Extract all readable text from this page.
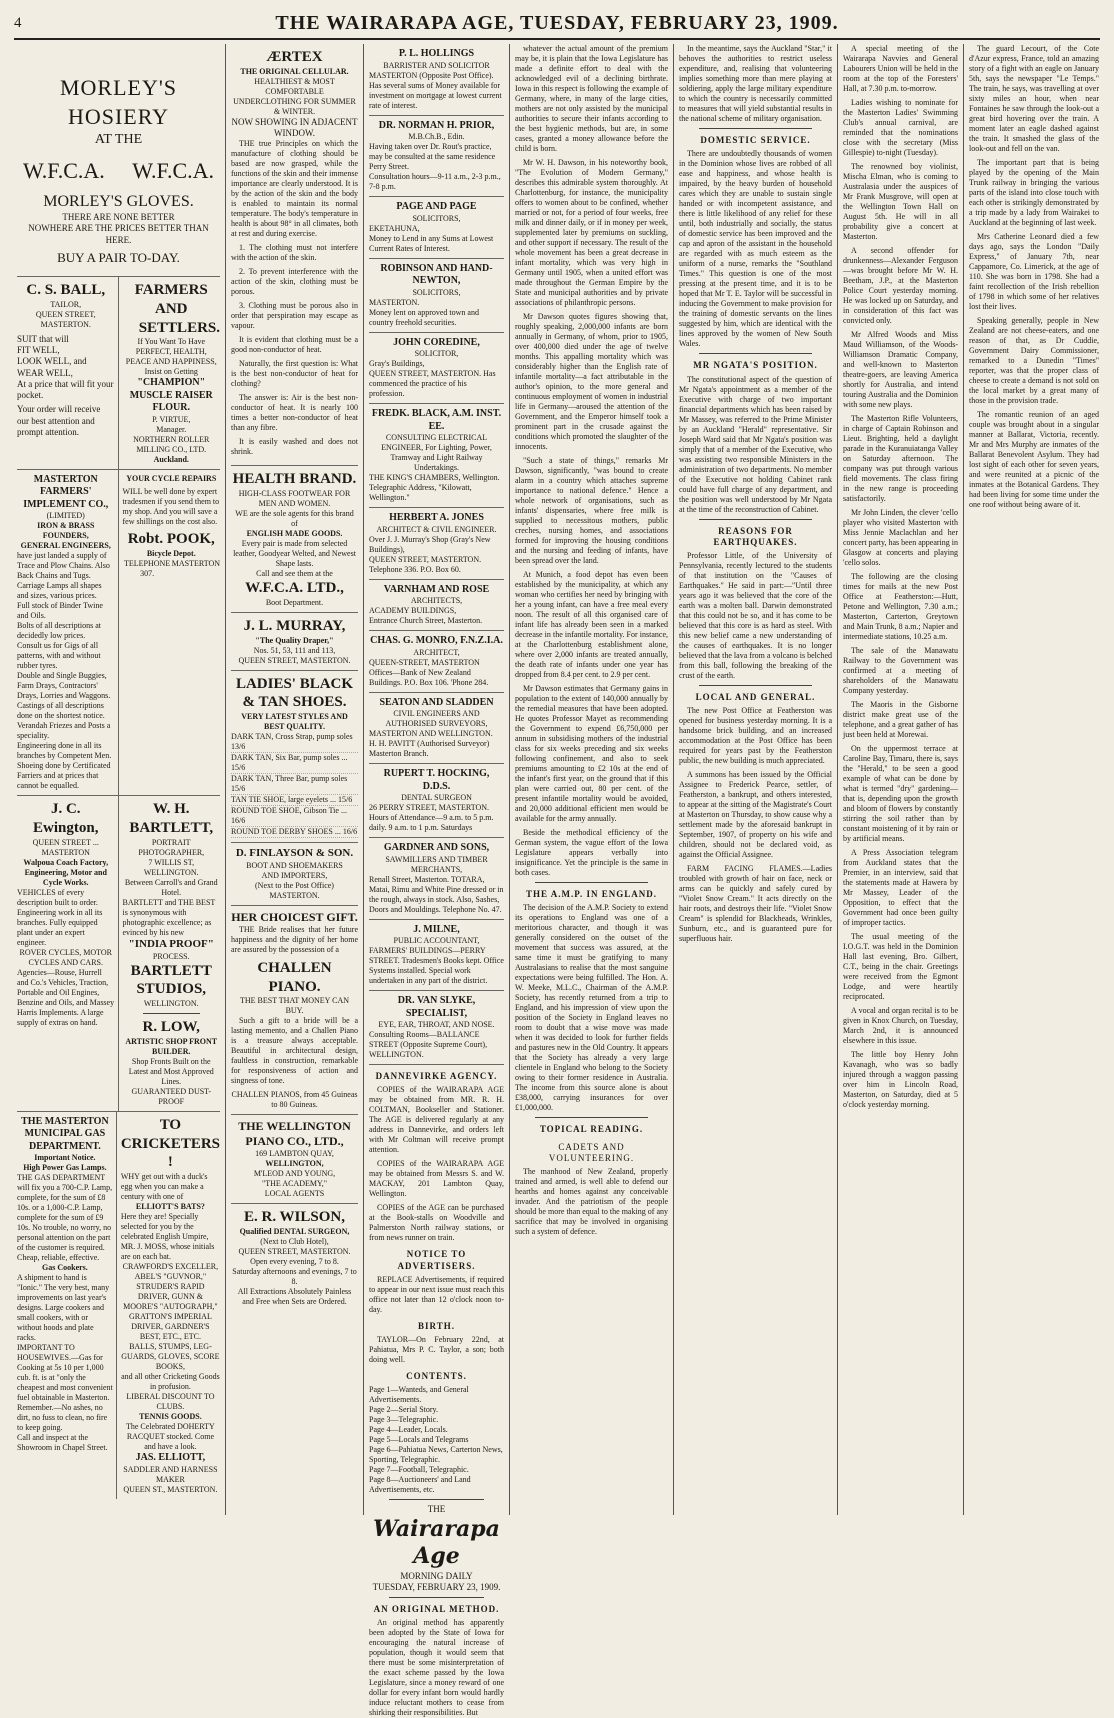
4	THE WAIRARAPA AGE, TUESDAY, FEBRUARY 23, 1909.
MORLEY'S HOSIERY
AT THE
W.F.C.A. W.F.C.A.
MORLEY'S GLOVES.
THERE ARE NONE BETTER
NOWHERE ARE THE PRICES BETTER THAN HERE.
BUY A PAIR TO-DAY.
C. S. BALL,
TAILOR,
QUEEN STREET, MASTERTON.
SUIT that will
FIT WELL,
LOOK WELL, and
WEAR WELL,
At a price that will fit your pocket.
Your order will receive our best attention and prompt attention.
FARMERS AND
SETTLERS.
If You Want To Have
PERFECT, HEALTH, PEACE AND HAPPINESS,
Insist on Getting
"CHAMPION" MUSCLE RAISER FLOUR.
P. VIRTUE,
Manager.
NORTHERN ROLLER MILLING CO., LTD.
Auckland.
MASTERTON FARMERS' IMPLEMENT CO.,
(LIMITED)
IRON & BRASS FOUNDERS,
GENERAL ENGINEERS,
have just landed a supply of
Trace and Plow Chains. Also Back Chains and Tugs.
Carriage Lamps all shapes and sizes, various prices.
Full stock of Binder Twine and Oils.
Bolts of all descriptions at decidedly low prices.
Consult us for Gigs of all patterns, with and without rubber tyres.
Double and Single Buggies, Farm Drays, Contractors' Drays, Lorries and Waggons.
Castings of all descriptions done on the shortest notice.
Verandah Friezes and Posts a speciality.
Engineering done in all its branches by Competent Men.
Shoeing done by Certificated Farriers and at prices that cannot be equalled.
YOUR CYCLE REPAIRS
WILL be well done by expert tradesmen if you send them to my shop. And you will save a few shillings on the cost also.
Robt. POOK,
Bicycle Depot.
TELEPHONE 307.
MASTERTON
J. C. Ewington,
QUEEN STREET ... MASTERTON
Walpoua Coach Factory, Engineering, Motor and Cycle Works.
VEHICLES of every description built to order. Engineering work in all its branches. Fully equipped plant under an expert engineer.
ROVER CYCLES, MOTOR CYCLES AND CARS.
Agencies—Rouse, Hurrell and Co.'s Vehicles, Traction, Portable and Oil Engines, Benzine and Oils, and Massey Harris Implements. A large supply of extras on hand.
W. H. BARTLETT,
PORTRAIT PHOTOGRAPHER,
7 WILLIS ST, WELLINGTON.
Between Carroll's and Grand Hotel.
BARTLETT and THE BEST is synonymous with photographic excellence; as evinced by his new
"INDIA PROOF"
PROCESS.
BARTLETT
STUDIOS,
WELLINGTON.
R. LOW,
ARTISTIC SHOP FRONT BUILDER.
Shop Fronts Built on the Latest and Most Approved Lines.
GUARANTEED DUST-PROOF
THE MASTERTON MUNICIPAL GAS DEPARTMENT.
Important Notice.
High Power Gas Lamps.
THE GAS DEPARTMENT will fix you a 700-C.P. Lamp, complete, for the sum of £8 10s. or a 1,000-C.P. Lamp, complete for the sum of £9 10s. No trouble, no worry, no personal attention on the part of the customer is required. Cheap, reliable, effective.
Gas Cookers.
A shipment to hand is "Ionic." The very best, many improvements on last year's designs. Large cookers and small cookers, with or without hoods and plate racks.
IMPORTANT TO HOUSEWIVES.—Gas for Cooking at 5s 10 per 1,000 cub. ft. is at "only the cheapest and most convenient fuel obtainable in Masterton.
Remember.—No ashes, no dirt, no fuss to clean, no fire to keep going.
Call and inspect at the Showroom in Chapel Street.
TO CRICKETERS !
WHY get out with a duck's egg when you can make a century with one of
ELLIOTT'S BATS?
Here they are! Specially selected for you by the celebrated English Umpire, MR. J. MOSS, whose initials are on each bat.
CRAWFORD'S EXCELLER, ABEL'S "GUVNOR," STRUDER'S RAPID DRIVER, GUNN & MOORE'S "AUTOGRAPH," GRATTON'S IMPERIAL DRIVER, GARDNER'S BEST, ETC., ETC.
BALLS, STUMPS, LEG-GUARDS, GLOVES, SCORE BOOKS,
and all other Cricketing Goods in profusion.
LIBERAL DISCOUNT TO CLUBS.
TENNIS GOODS.
The Celebrated DOHERTY RACQUET stocked. Come and have a look.
JAS. ELLIOTT,
SADDLER AND HARNESS MAKER
QUEEN ST., MASTERTON.
ÆRTEX
THE ORIGINAL CELLULAR.
HEALTHIEST & MOST COMFORTABLE UNDERCLOTHING FOR SUMMER & WINTER.
NOW SHOWING IN ADJACENT WINDOW.
THE true Principles on which the manufacture of clothing should be based are now grasped, while the functions of the skin and their immense importance are clearly understood. It is by the action of the skin and the body is enabled to maintain its normal temperature. The body's temperature in health is about 98° in all climates, both at rest and during exercise.
1. The clothing must not interfere with the action of the skin.
2. To prevent interference with the action of the skin, clothing must be porous.
3. Clothing must be porous also in order that perspiration may escape as vapour.
It is evident that clothing must be a good non-conductor of heat.
Naturally, the first question is: What is the best non-conductor of heat for clothing?
The answer is: Air is the best non-conductor of heat. It is nearly 100 times a better non-conductor of heat than any fibre.
It is easily washed and does not shrink.
HEALTH BRAND.
HIGH-CLASS FOOTWEAR FOR MEN AND WOMEN.
WE are the sole agents for this brand of
ENGLISH MADE GOODS.
Every pair is made from selected leather, Goodyear Welted, and Newest Shape lasts.
Call and see them at the
W.F.C.A. LTD.,
Boot Department.
J. L. MURRAY,
"The Quality Draper,"
Nos. 51, 53, 111 and 113,
QUEEN STREET, MASTERTON.
LADIES' BLACK & TAN SHOES.
VERY LATEST STYLES AND BEST QUALITY.
DARK TAN, Cross Strap, pump soles 13/6
DARK TAN, Six Bar, pump soles ... 15/6
DARK TAN, Three Bar, pump soles 15/6
TAN TIE SHOE, large eyelets ... 15/6
ROUND TOE SHOE, Gibson Tie ... 16/6
ROUND TOE DERBY SHOES ... 16/6
D. FINLAYSON & SON.
BOOT AND SHOEMAKERS
AND IMPORTERS,
(Next to the Post Office)
MASTERTON.
HER CHOICEST GIFT.
THE Bride realises that her future happiness and the dignity of her home are assured by the possession of a
CHALLEN PIANO.
THE BEST THAT MONEY CAN BUY.
Such a gift to a bride will be a lasting memento, and a Challen Piano is a treasure always acceptable. Beautiful in architectural design, faultless in construction, remarkable for responsiveness of action and singness of tone.
CHALLEN PIANOS, from 45 Guineas to 80 Guineas.
THE WELLINGTON PIANO CO., LTD.,
169 LAMBTON QUAY,
WELLINGTON,
M'LEOD AND YOUNG,
"THE ACADEMY,"
LOCAL AGENTS
E. R. WILSON,
Qualified DENTAL SURGEON,
(Next to Club Hotel),
QUEEN STREET, MASTERTON.
Open every evening, 7 to 8.
Saturday afternoons and evenings, 7 to 8.
All Extractions Absolutely Painless and Free when Sets are Ordered.
P. L. HOLLINGS
BARRISTER AND SOLICITOR
MASTERTON (Opposite Post Office). Has several sums of Money available for investment on mortgage at lowest current rate of interest.
DR. NORMAN H. PRIOR,
M.B.Ch.B., Edin.
Having taken over Dr. Rout's practice, may be consulted at the same residence Perry Street.
Consultation hours—9-11 a.m., 2-3 p.m., 7-8 p.m.
PAGE AND PAGE
SOLICITORS,
EKETAHUNA,
Money to Lend in any Sums at Lowest Current Rates of Interest.
ROBINSON AND HAND-NEWTON,
SOLICITORS,
MASTERTON.
Money lent on approved town and country freehold securities.
JOHN COREDINE,
SOLICITOR,
Gray's Buildings,
QUEEN STREET, MASTERTON. Has commenced the practice of his profession.
FREDK. BLACK, A.M. INST. EE.
CONSULTING ELECTRICAL ENGINEER, For Lighting, Power, Tramway and Light Railway Undertakings.
THE KING'S CHAMBERS, Wellington.
Telegraphic Address, "Kilowatt, Wellington."
HERBERT A. JONES
ARCHITECT & CIVIL ENGINEER.
Over J. J. Murray's Shop (Gray's New Buildings),
QUEEN STREET, MASTERTON.
Telephone 336. P.O. Box 60.
VARNHAM AND ROSE
ARCHITECTS,
ACADEMY BUILDINGS,
Entrance Church Street, Masterton.
CHAS. G. MONRO, F.N.Z.I.A.
ARCHITECT,
QUEEN-STREET, MASTERTON
Offices—Bank of New Zealand Buildings. P.O. Box 106. 'Phone 284.
SEATON AND SLADDEN
CIVIL ENGINEERS AND AUTHORISED SURVEYORS,
MASTERTON AND WELLINGTON.
H. H. PAVITT (Authorised Surveyor) Masterton Branch.
RUPERT T. HOCKING, D.D.S.
DENTAL SURGEON
26 PERRY STREET, MASTERTON.
Hours of Attendance—9 a.m. to 5 p.m. daily. 9 a.m. to 1 p.m. Saturdays
GARDNER AND SONS,
SAWMILLERS AND TIMBER MERCHANTS,
Renall Street, Masterton. TOTARA, Matai, Rimu and White Pine dressed or in the rough, always in stock. Also, Sashes, Doors and Mouldings. Telephone No. 47.
J. MILNE,
PUBLIC ACCOUNTANT,
FARMERS' BUILDINGS—PERRY STREET. Tradesmen's Books kept. Office Systems installed. Special work undertaken in any part of the district.
DR. VAN SLYKE, SPECIALIST,
EYE, EAR, THROAT, AND NOSE.
Consulting Rooms—BALLANCE STREET (Opposite Supreme Court), WELLINGTON.
DANNEVIRKE AGENCY.
COPIES of the WAIRARAPA AGE may be obtained from MR. R. H. COLTMAN, Bookseller and Stationer. The AGE is delivered regularly at any address in Dannevirke, and orders left with Mr Coltman will receive prompt attention.
COPIES of the WAIRARAPA AGE may be obtained from Messrs S. and W. MACKAY, 201 Lambton Quay, Wellington.
COPIES of the AGE can be purchased at the Book-stalls on Woodville and Palmerston North railway stations, or from news runner on train.
NOTICE TO ADVERTISERS.
REPLACE Advertisements, if required to appear in our next issue must reach this office not later than 12 o'clock noon to-day.
BIRTH.
TAYLOR—On February 22nd, at Pahiatua, Mrs P. C. Taylor, a son; both doing well.
CONTENTS.
Page 1—Wanteds, and General Advertisements.
Page 2—Serial Story.
Page 3—Telegraphic.
Page 4—Leader, Locals.
Page 5—Locals and Telegrams
Page 6—Pahiatua News, Carterton News, Sporting, Telegraphic.
Page 7—Football, Telegraphic.
Page 8—Auctioneers' and Land Advertisements, etc.
THE
Wairarapa Age
MORNING DAILY
TUESDAY, FEBRUARY 23, 1909.
AN ORIGINAL METHOD.
An original method has apparently been adopted by the State of Iowa for encouraging the natural increase of population, though it would seem that there must be some misinterpretation of the exact scheme passed by the Iowa Legislature, since a money reward of one dollar for every infant born would hardly induce reluctant mothers to cease from shirking their responsibilities. But
whatever the actual amount of the premium may be, it is plain that the Iowa Legislature has made a definite effort to deal with the acknowledged evil of a declining birthrate. Iowa in this respect is following the example of Germany, where, in many of the large cities, mothers are not only assisted by the municipal authorities to secure their infants according to the best hygienic methods, but are, in some cases, granted a money allowance before the child is born.
Mr W. H. Dawson, in his noteworthy book, "The Evolution of Modern Germany," describes this admirable system thoroughly. At Charlottenburg, for instance, the municipality offers to women about to be confined, whether married or not, for a period of four weeks, free milk and dinner daily, or if in money per week, supplemented later by premiums on suckling, and other support if necessary. The result of the whole movement has been a great decrease in infant mortality, which was very high in Germany until 1905, when a united effort was made throughout the German Empire by the State and municipal authorities and by private associations of philanthropic persons.
Mr Dawson quotes figures showing that, roughly speaking, 2,000,000 infants are born annually in Germany, of whom, prior to 1905, over 400,000 died under the age of twelve months. This appalling mortality which was considerably higher than the English rate of infantile mortality—a fact attributable in the author's opinion, to the more general and continuous employment of women in industrial life in Germany—aroused the attention of the Government, and the Emperor himself took a prominent part in the crusade against the conditions which promoted the slaughter of the innocents.
"Such a state of things," remarks Mr Dawson, significantly, "was bound to create alarm in a country which attaches supreme importance to national defence." Hence a whole network of organisations, such as infants' dispensaries, where free milk is supplied to necessitous mothers, public creches, nursing homes, and associations formed for improving the housing conditions and the nursing and feeding of infants, have been spread over the land.
At Munich, a food depot has even been established by the municipality, at which any woman who certifies her need by bringing with her a young infant, can have a free meal every noon. The result of all this organised care of infant life has already been seen in a marked decrease in the infantile mortality. For instance, at the Charlottenburg establishment alone, where over 2,000 infants are treated annually, the death rate of infants under one year has dropped from 8.4 per cent. to 2.9 per cent.
Mr Dawson estimates that Germany gains in population to the extent of 140,000 annually by the remedial measures that have been adopted. He quotes Professor Mayet as recommending the Government to expend £6,750,000 per annum in subsidising mothers of the industrial class for six weeks preceding and six weeks following confinement, and also to seek premiums amounting to £2 10s at the end of the infant's first year, on the ground that if this plan were carried out, 80 per cent. of the present infantile mortality would be avoided, and 20,000 additional efficient men would be available for the army annually.
Beside the methodical efficiency of the German system, the vague effort of the Iowa Legislature appears verbally into insignificance. Yet the principle is the same in both cases.
THE A.M.P. IN ENGLAND.
The decision of the A.M.P. Society to extend its operations to England was one of a meritorious character, and though it was generally considered on the outset of the movement that success was assured, at the same time it must be gratifying to many Australasians to realise that the most sanguine expectations were being fulfilled. The Hon. A. W. Meeke, M.L.C., Chairman of the A.M.P. Society, has recently returned from a trip to England, and his impression of view upon the position of the Society in England leaves no room to doubt that a wise move was made when it was decided to look for further fields and pastures new in the Old Country. It appears that the Society has already a very large clientele in England who belong to the Society owing to their former residence in Australia. The income from this source alone is about £38,000, carrying insurances for over £1,000,000.
TOPICAL READING.
CADETS AND VOLUNTEERING.
The manhood of New Zealand, properly trained and armed, is well able to defend our hearths and homes against any conceivable invader. And the patriotism of the people should be more than equal to the making of any sacrifice that may be involved in organising such a system of defence.
In the meantime, says the Auckland "Star," it behoves the authorities to restrict useless expenditure, and, realising that volunteering implies something more than mere playing at soldiering, apply the large military expenditure to which the country is necessarily committed to measures that will yield substantial results in the national scheme of military organisation.
DOMESTIC SERVICE.
There are undoubtedly thousands of women in the Dominion whose lives are robbed of all ease and happiness, and whose health is impaired, by the heavy burden of household cares which they are unable to sustain single handed or with incompetent assistance, and there is little likelihood of any relief for these until, both industrially and socially, the status of domestic service has been improved and the cap and apron of the assistant in the household are regarded with as much esteem as the uniform of a nurse, remarks the "Southland Times." This question is one of the most pressing at the present time, and it is to be hoped that Mr T. E. Taylor will be successful in inducing the Government to make provision for the training of domestic servants on the lines suggested by him, which are identical with the lines approved by the women of New South Wales.
MR NGATA'S POSITION.
The constitutional aspect of the question of Mr Ngata's appointment as a member of the Executive with charge of two important financial departments which has been raised by Mr Massey, was referred to the Prime Minister by an Auckland "Herald" representative. Sir Joseph Ward said that Mr Ngata's position was simply that of a member of the Executive, who was assisting two responsible Ministers in the administration of two departments. No member of the Executive not holding Cabinet rank could have full charge of any department, and the position was well understood by Mr Ngata at the time of the reconstruction of Cabinet.
REASONS FOR EARTHQUAKES.
Professor Little, of the University of Pennsylvania, recently lectured to the students of that institution on the "Causes of Earthquakes." He said in part:—"Until three years ago it was believed that the core of the earth was a molten ball. Darwin demonstrated that this could not be so, and it has come to be believed that this core is as hard as steel. With this new belief came a new understanding of the causes of earthquakes. It is no longer believed that the lava from a volcano is belched from this ball, following the breaking of the crust of the earth.
LOCAL AND GENERAL.
The new Post Office at Featherston was opened for business yesterday morning. It is a handsome brick building, and an increased accommodation at the Post Office has been required for years past by the Featherston public, the new building is much appreciated.
A summons has been issued by the Official Assignee to Frederick Pearce, settler, of Featherston, a bankrupt, and others interested, to appear at the sitting of the Magistrate's Court at Masterton on Thursday, to show cause why a settlement made by the aforesaid bankrupt in September, 1907, of property on his wife and children, should not be declared void, as against the Official Assignee.
FARM FACING FLAMES.—Ladies troubled with growth of hair on face, neck or arms can be quickly and safely cured by "Violet Snow Cream." It acts directly on the hair roots, and destroys their life. "Violet Snow Cream" is splendid for Blackheads, Wrinkles, Sunburn, etc., and is guaranteed pure for superfluous hair.
A special meeting of the Wairarapa Navvies and General Labourers Union will be held in the room at the top of the Foresters' Hall, at 7.30 p.m. to-morrow.
Ladies wishing to nominate for the Masterton Ladies' Swimming Club's annual carnival, are reminded that the nominations close with the secretary (Miss Gillespie) to-night (Tuesday).
The renowned boy violinist, Mischa Elman, who is coming to Australasia under the auspices of Mr Frank Musgrove, will open at the Wellington Town Hall on August 5th. He will in all probability give a concert at Masterton.
A second offender for drunkenness—Alexander Ferguson—was brought before Mr W. H. Beetham, J.P., at the Masterton Police Court yesterday morning. He was locked up on Saturday, and in consideration of this fact was convicted only.
Mr Alfred Woods and Miss Maud Williamson, of the Woods-Williamson Dramatic Company, and well-known to Masterton theatre-goers, are leaving America shortly for Australia, and intend touring Australia and the Dominion with some new plays.
The Masterton Rifle Volunteers, in charge of Captain Robinson and Lieut. Brighting, held a daylight parade in the Kuranuiatanga Valley on Saturday afternoon. The company was put through various field movements. The class firing in the new range is proceeding satisfactorily.
Mr John Linden, the clever 'cello player who visited Masterton with Miss Jennie Maclachlan and her concert party, has been appearing in Glasgow at concerts and playing 'cello solos.
The following are the closing times for mails at the new Post Office at Featherston:—Hutt, Petone and Wellington, 7.30 a.m.; Masterton, Carterton, Greytown and Main Trunk, 8 a.m.; Napier and intermediate stations, 10.25 a.m.
The sale of the Manawatu Railway to the Government was confirmed at a meeting of shareholders of the Manawatu Company yesterday.
The Maoris in the Gisborne district make great use of the telephone, and a great gather of has just been held at Morewai.
On the uppermost terrace at Caroline Bay, Timaru, there is, says the "Herald," to be seen a good example of what can be done by what is termed "dry" gardening—that is, depending upon the growth and bloom of flowers by constantly stirring the soil rather than by constant moistening of it by rain or by artificial means.
A Press Association telegram from Auckland states that the Premier, in an interview, said that the statements made at Hawera by Mr Massey, Leader of the Opposition, to effect that the Government had once been guilty of improper tactics.
The usual meeting of the I.O.G.T. was held in the Dominion Hall last evening, Bro. Gilbert, C.T., being in the chair. Greetings were received from the Egmont Lodge, and were heartily reciprocated.
A vocal and organ recital is to be given in Knox Church, on Tuesday, March 2nd, it is announced elsewhere in this issue.
The little boy Henry John Kavanagh, who was so badly injured through a waggon passing over him in Lincoln Road, Masterton, on Saturday, died at 5 o'clock yesterday morning.
The guard Lecourt, of the Cote d'Azur express, France, told an amazing story of a fight with an eagle on January 5th, says the newspaper "Le Temps." The train, he says, was travelling at over sixty miles an hour, when near Fontaines he saw through the look-out a great bird hovering over the train. A moment later an eagle dashed against the train. It smashed the glass of the look-out and fell on the van.
The important part that is being played by the opening of the Main Trunk railway in bringing the various parts of the island into close touch with each other is strikingly demonstrated by a trip made by a lady from Wairakei to Auckland at the beginning of last week.
Mrs Catherine Leonard died a few days ago, says the London "Daily Express," of January 7th, near Cappamore, Co. Limerick, at the age of 110. She was born in 1798. She had a faint recollection of the Irish rebellion of 1798 in which some of her relatives lost their lives.
Speaking generally, people in New Zealand are not cheese-eaters, and one reason of that, as Dr Cuddie, Government Dairy Commissioner, remarked to a Dunedin "Times" reporter, was that the proper class of cheese to create a demand is not sold on the local market by a great many of those in the provision trade.
The romantic reunion of an aged couple was brought about in a singular manner at Ballarat, Victoria, recently. Mr and Mrs Murphy are inmates of the Ballarat Benevolent Asylum. They had lost sight of each other for seven years, and were reunited at a picnic of the inmates at the Botanical Gardens. They had been living for some time under the one roof without being aware of it.
